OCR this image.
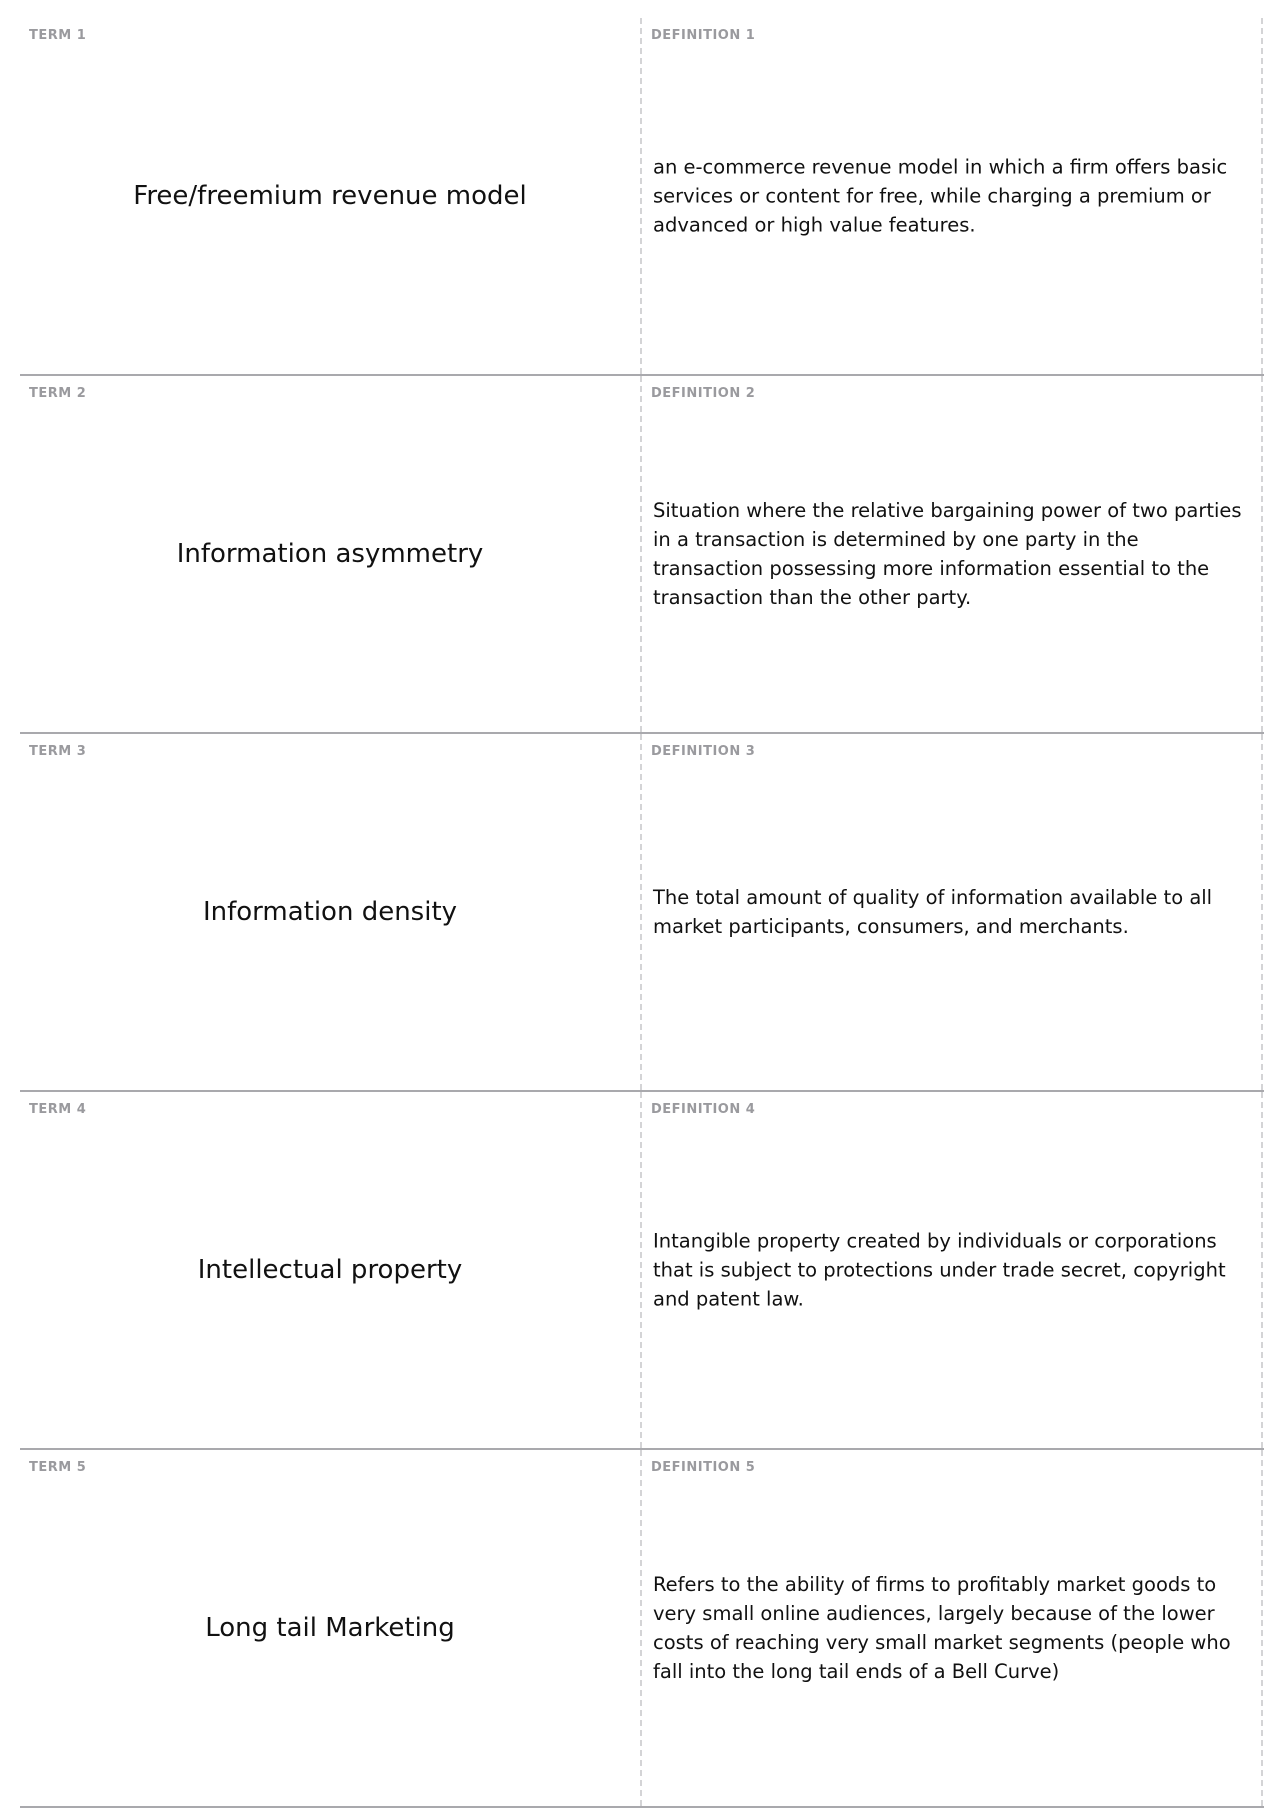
TERM 1
Free/freemium revenue model
DEFINITION 1
an e-commerce revenue model in which a firm offers basic services or content for free, while charging a premium or advanced or high value features.
TERM 2
Information asymmetry
DEFINITION 2
Situation where the relative bargaining power of two parties in a transaction is determined by one party in the transaction possessing more information essential to the transaction than the other party.
TERM 3
Information density
DEFINITION 3
The total amount of quality of information available to all market participants, consumers, and merchants.
TERM 4
Intellectual property
DEFINITION 4
Intangible property created by individuals or corporations that is subject to protections under trade secret, copyright and patent law.
TERM 5
Long tail Marketing
DEFINITION 5
Refers to the ability of firms to profitably market goods to very small online audiences, largely because of the lower costs of reaching very small market segments (people who fall into the long tail ends of a Bell Curve)
